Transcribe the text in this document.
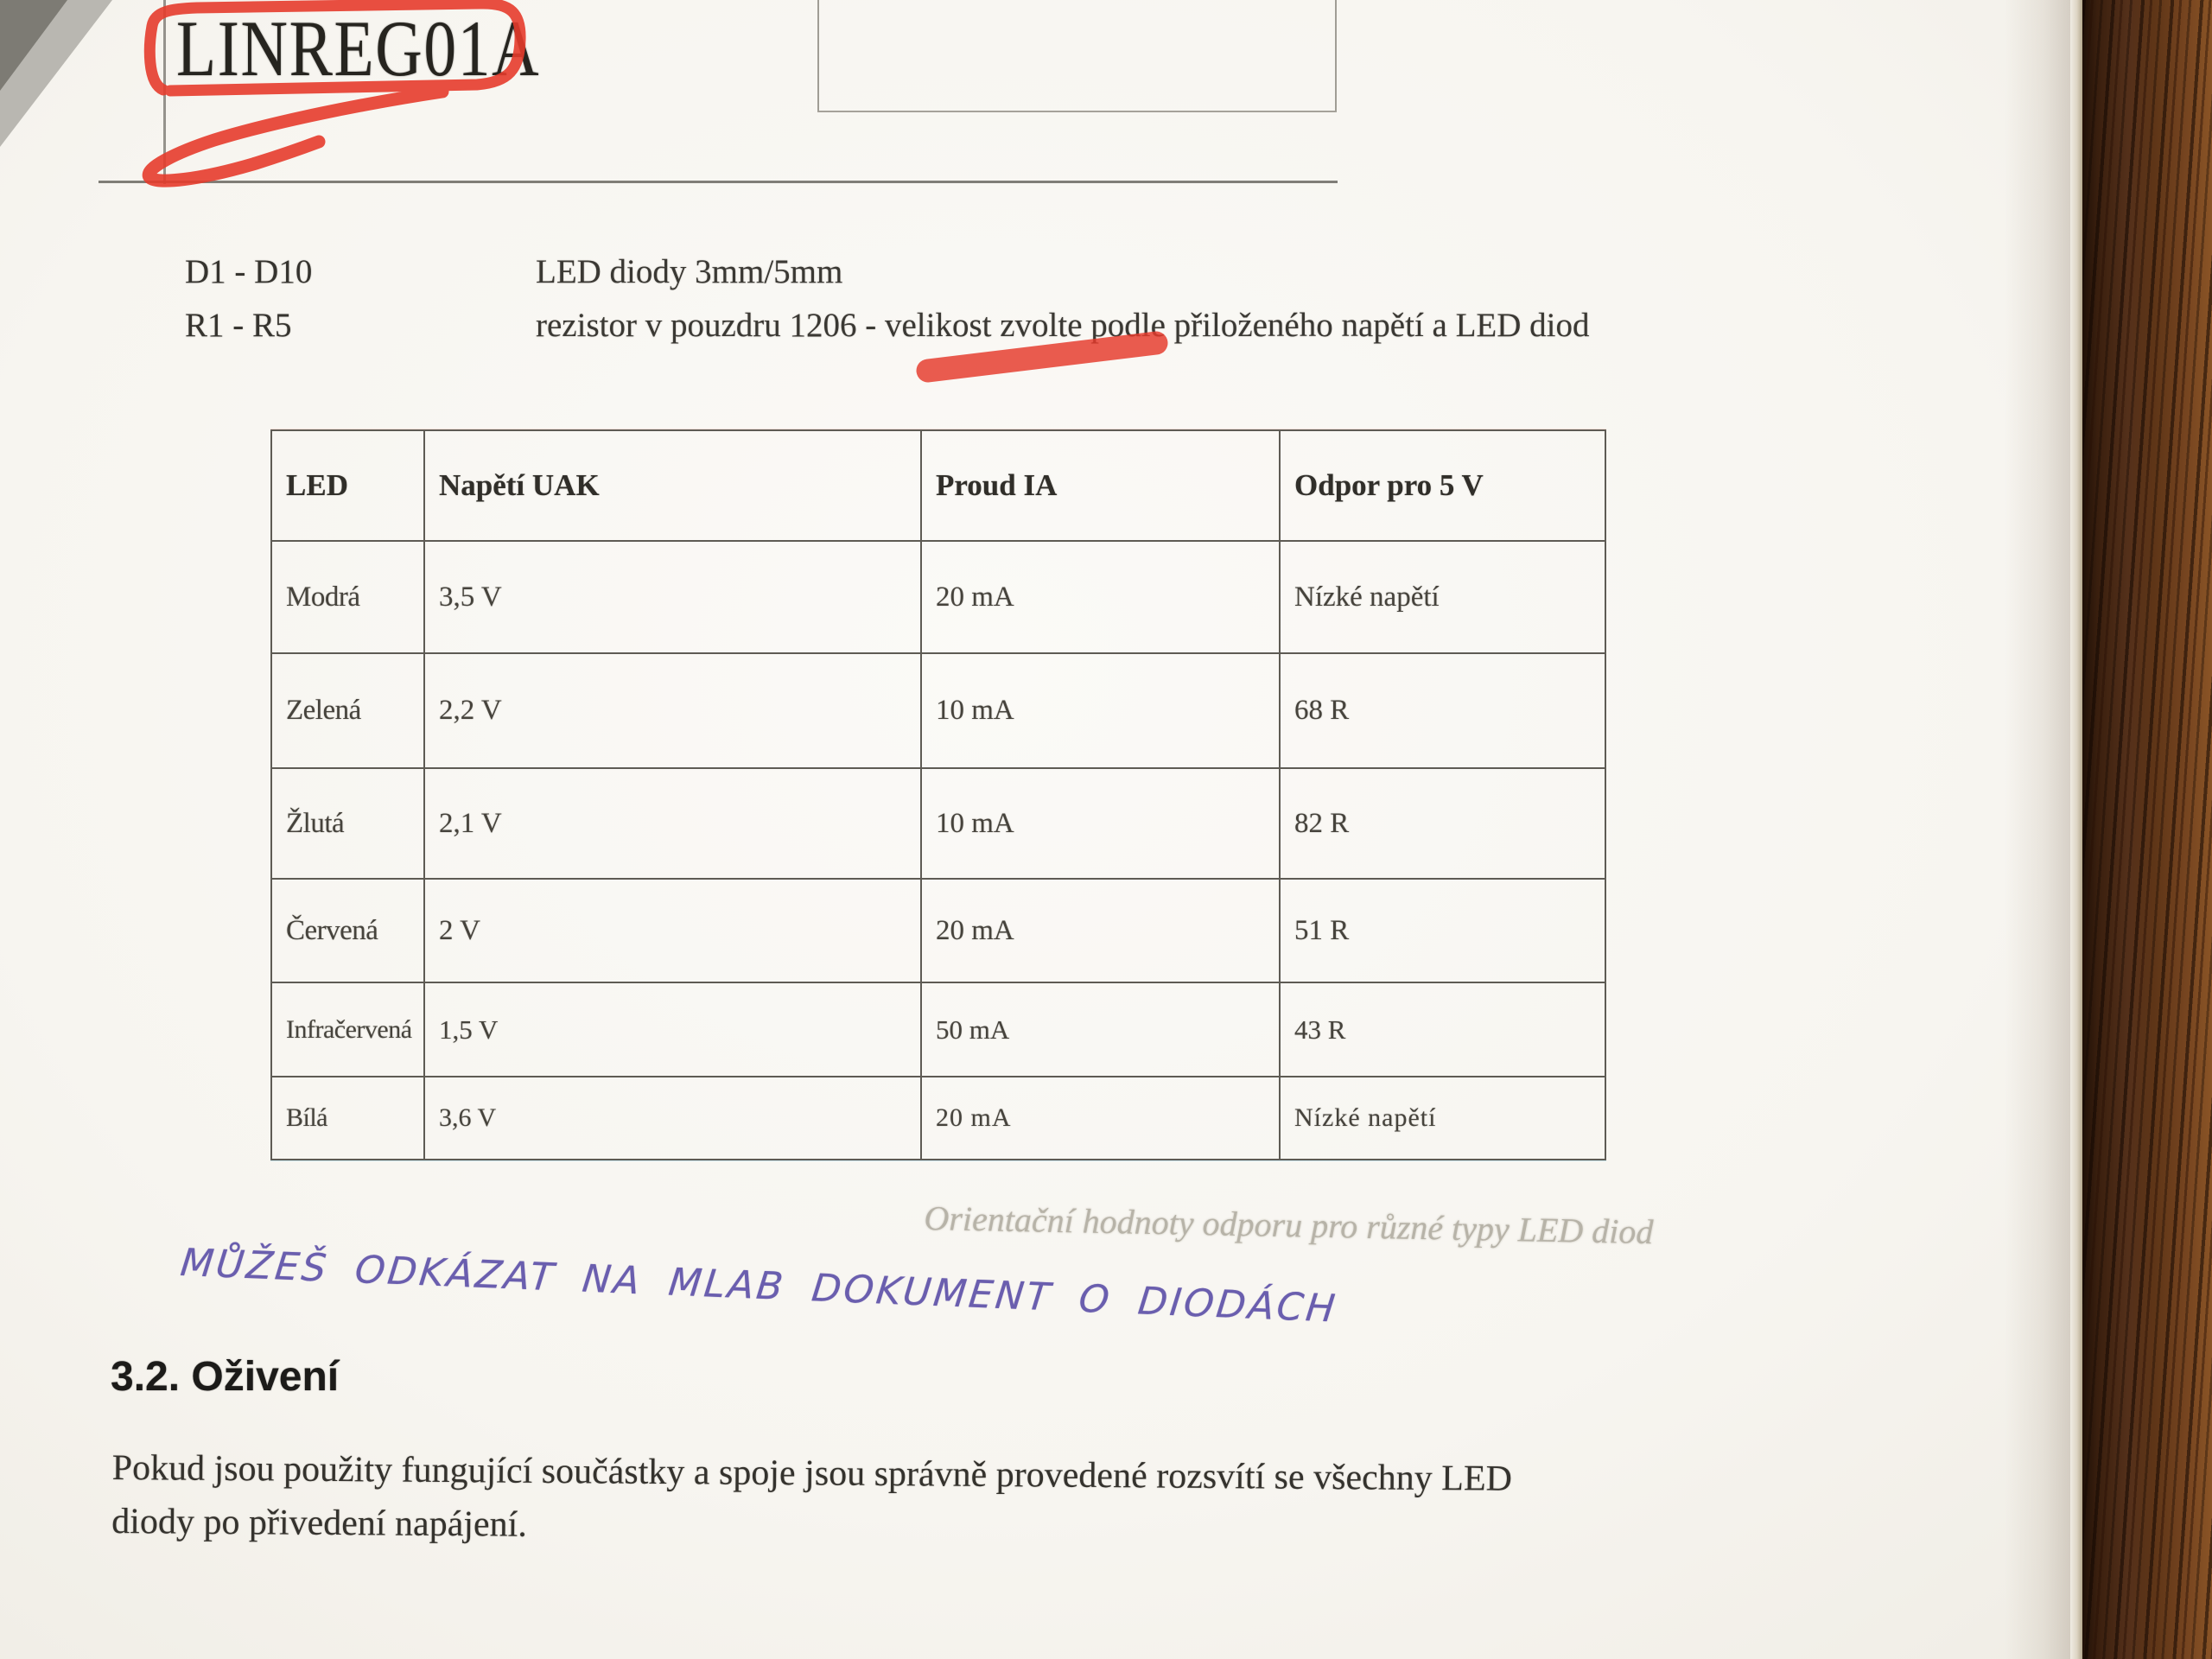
LINREG01A
D1 - D10	LED diody 3mm/5mm
R1 - R5	rezistor v pouzdru 1206 - velikost zvolte podle přiloženého napětí a LED diod
LED	Napětí UAK	Proud IA	Odpor pro 5 V
Modrá	3,5 V	20 mA	Nízké napětí
Zelená	2,2 V	10 mA	68 R
Žlutá	2,1 V	10 mA	82 R
Červená	2 V	20 mA	51 R
Infračervená	1,5 V	50 mA	43 R
Bílá	3,6 V	20 mA	Nízké napětí
Orientační hodnoty odporu pro různé typy LED diod
MŮŽEŠ ODKÁZAT NA MLAB DOKUMENT O DIODÁCH
3.2. Oživení
Pokud jsou použity fungující součástky a spoje jsou správně provedené rozsvítí se všechny LED
diody po přivedení napájení.
